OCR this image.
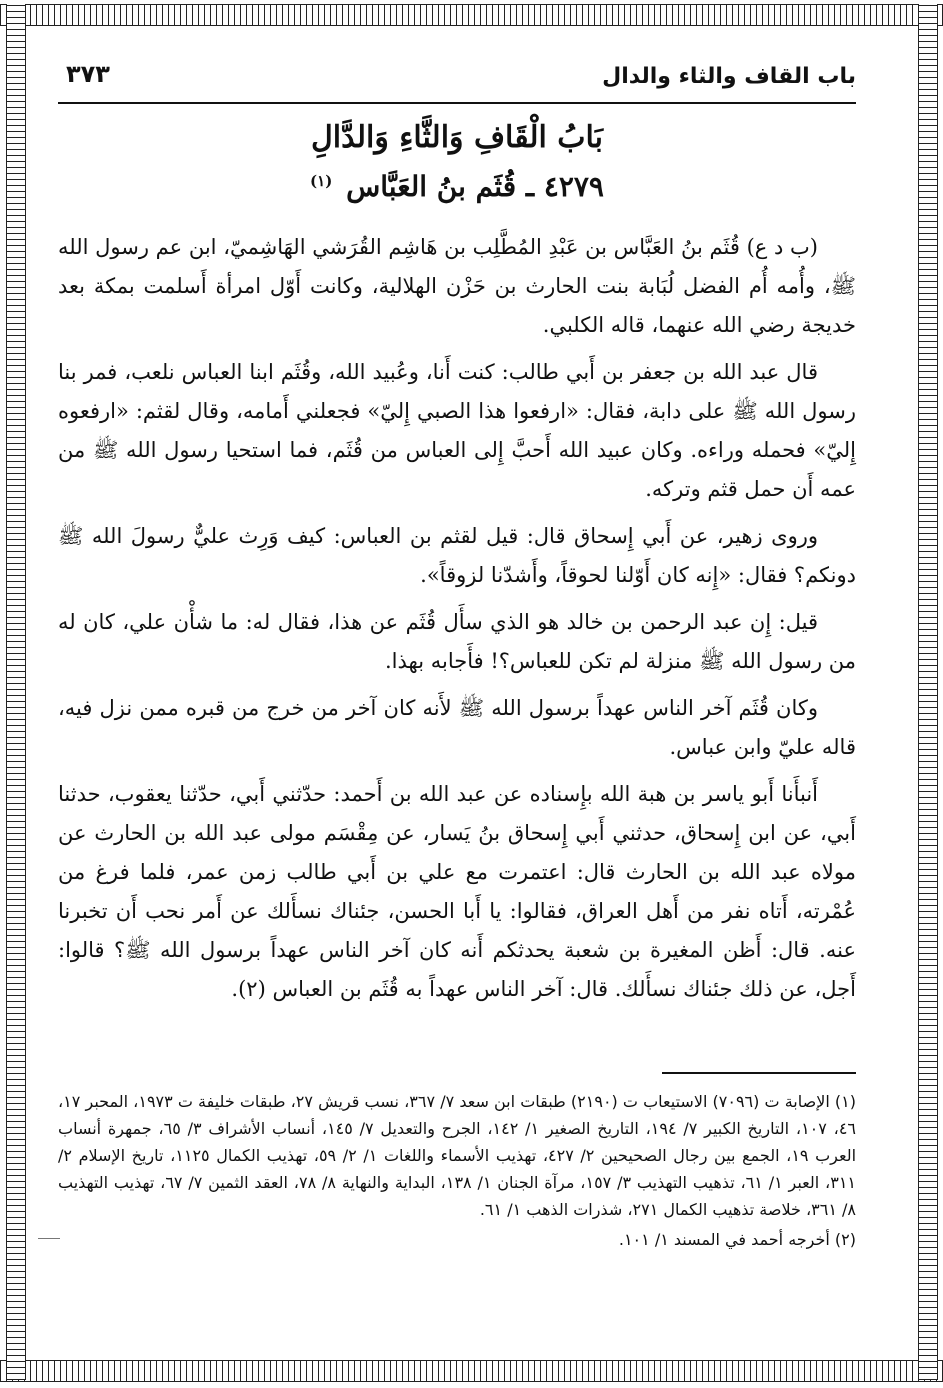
باب القاف والثاء والدال
٣٧٣
بَابُ الْقَافِ وَالثَّاءِ وَالدَّالِ
٤٢٧٩ ـ قُثَم بنُ العَبَّاس $^{(١)}$

(ب د ع) قُثَم بنُ العَبَّاس بن عَبْدِ المُطَّلِب بن هَاشِم القُرَشي الهَاشِميّ، ابن عم رسول الله ﷺ، وأُمه أُم الفضل لُبَابة بنت الحارث بن حَزْن الهلالية، وكانت أَوّل امرأة أَسلمت بمكة بعد خديجة رضي الله عنهما، قاله الكلبي.

قال عبد الله بن جعفر بن أَبي طالب: كنت أَنا، وعُبيد الله، وقُثَم ابنا العباس نلعب، فمر بنا رسول الله ﷺ على دابة، فقال: «ارفعوا هذا الصبي إِليّ» فجعلني أَمامه، وقال لقثم: «ارفعوه إِليّ» فحمله وراءه. وكان عبيد الله أَحبَّ إِلى العباس من قُثَم، فما استحيا رسول الله ﷺ من عمه أَن حمل قثم وتركه.

وروى زهير، عن أَبي إِسحاق قال: قيل لقثم بن العباس: كيف وَرِث عليٌّ رسولَ الله ﷺ دونكم؟ فقال: «إِنه كان أَوّلنا لحوقاً، وأَشدّنا لزوقاً».

قيل: إِن عبد الرحمن بن خالد هو الذي سأَل قُثَم عن هذا، فقال له: ما شأْن علي، كان له من رسول الله ﷺ منزلة لم تكن للعباس؟! فأَجابه بهذا.

وكان قُثَم آخر الناس عهداً برسول الله ﷺ لأَنه كان آخر من خرج من قبره ممن نزل فيه، قاله عليّ وابن عباس.

أَنبأَنا أَبو ياسر بن هبة الله بإِسناده عن عبد الله بن أَحمد: حدّثني أَبي، حدّثنا يعقوب، حدثنا أَبي، عن ابن إِسحاق، حدثني أَبي إِسحاق بنُ يَسار، عن مِقْسَم مولى عبد الله بن الحارث عن مولاه عبد الله بن الحارث قال: اعتمرت مع علي بن أَبي طالب زمن عمر، فلما فرغ من عُمْرته، أَتاه نفر من أَهل العراق، فقالوا: يا أَبا الحسن، جئناك نسأَلك عن أَمر نحب أَن تخبرنا عنه. قال: أَظن المغيرة بن شعبة يحدثكم أَنه كان آخر الناس عهداً برسول الله ﷺ؟ قالوا: أَجل، عن ذلك جئناك نسأَلك. قال: آخر الناس عهداً به قُثَم بن العباس (٢).

(١) الإصابة ت (٧٠٩٦) الاستيعاب ت (٢١٩٠) طبقات ابن سعد ٧/ ٣٦٧، نسب قريش ٢٧، طبقات خليفة ت ١٩٧٣، المحبر ١٧، ٤٦، ١٠٧، التاريخ الكبير ٧/ ١٩٤، التاريخ الصغير ١/ ١٤٢، الجرح والتعديل ٧/ ١٤٥، أنساب الأشراف ٣/ ٦٥، جمهرة أنساب العرب ١٩، الجمع بين رجال الصحيحين ٢/ ٤٢٧، تهذيب الأسماء واللغات ١/ ٢/ ٥٩، تهذيب الكمال ١١٢٥، تاريخ الإسلام ٢/ ٣١١، العبر ١/ ٦١، تذهيب التهذيب ٣/ ١٥٧، مرآة الجنان ١/ ١٣٨، البداية والنهاية ٨/ ٧٨، العقد الثمين ٧/ ٦٧، تهذيب التهذيب ٨/ ٣٦١، خلاصة تذهيب الكمال ٢٧١، شذرات الذهب ١/ ٦١.

(٢) أخرجه أحمد في المسند ١/ ١٠١.
